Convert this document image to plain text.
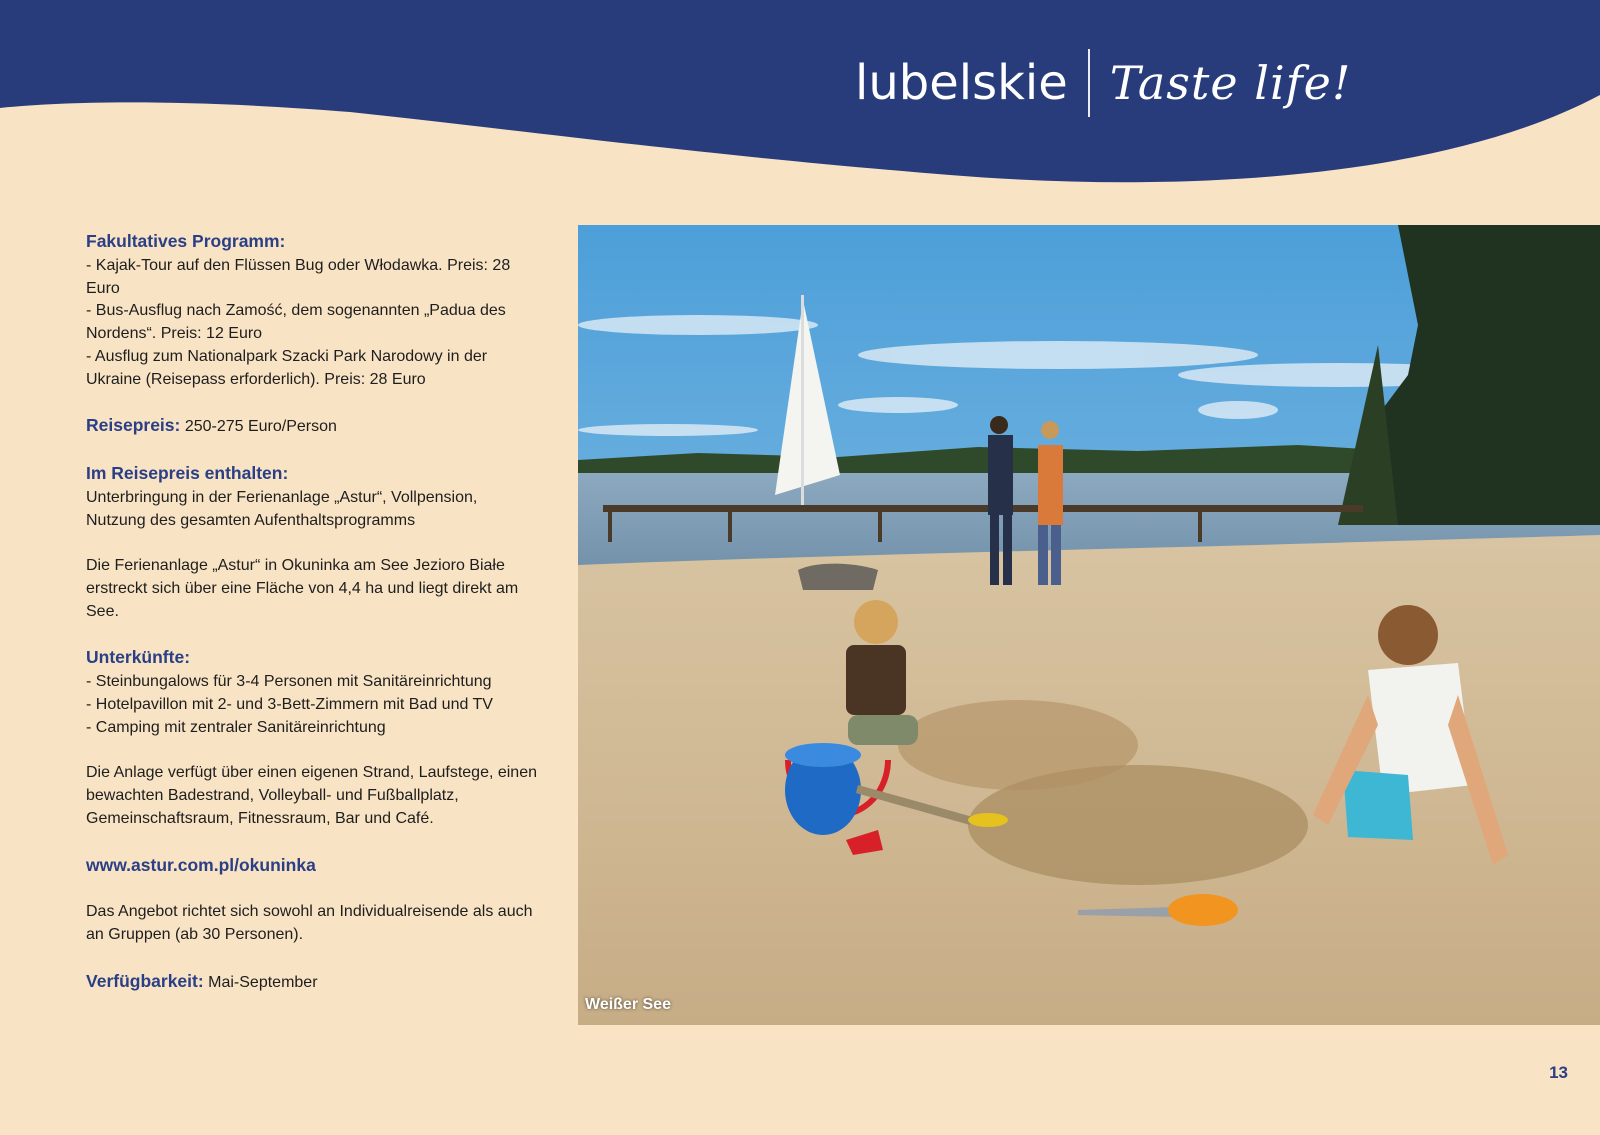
lubelskie Taste life!

Fakultatives Programm:
- Kajak-Tour auf den Flüssen Bug oder Włodawka. Preis: 28 Euro
- Bus-Ausflug nach Zamość, dem sogenannten „Padua des Nordens“. Preis: 12 Euro
- Ausflug zum Nationalpark Szacki Park Narodowy in der Ukraine (Reisepass erforderlich). Preis: 28 Euro

Reisepreis: 250-275 Euro/Person

Im Reisepreis enthalten:
Unterbringung in der Ferienanlage „Astur“, Vollpension, Nutzung des gesamten Aufenthaltsprogramms

Die Ferienanlage „Astur“ in Okuninka am See Jezioro Białe erstreckt sich über eine Fläche von 4,4 ha und liegt direkt am See.

Unterkünfte:
- Steinbungalows für 3-4 Personen mit Sanitäreinrichtung
- Hotelpavillon mit 2- und 3-Bett-Zimmern mit Bad und TV
- Camping mit zentraler Sanitäreinrichtung

Die Anlage verfügt über einen eigenen Strand, Laufstege, einen bewachten Badestrand, Volleyball- und Fußballplatz, Gemeinschaftsraum, Fitnessraum, Bar und Café.

www.astur.com.pl/okuninka

Das Angebot richtet sich sowohl an Individualreisende als auch an Gruppen (ab 30 Personen).

Verfügbarkeit: Mai-September

Weißer See
13
